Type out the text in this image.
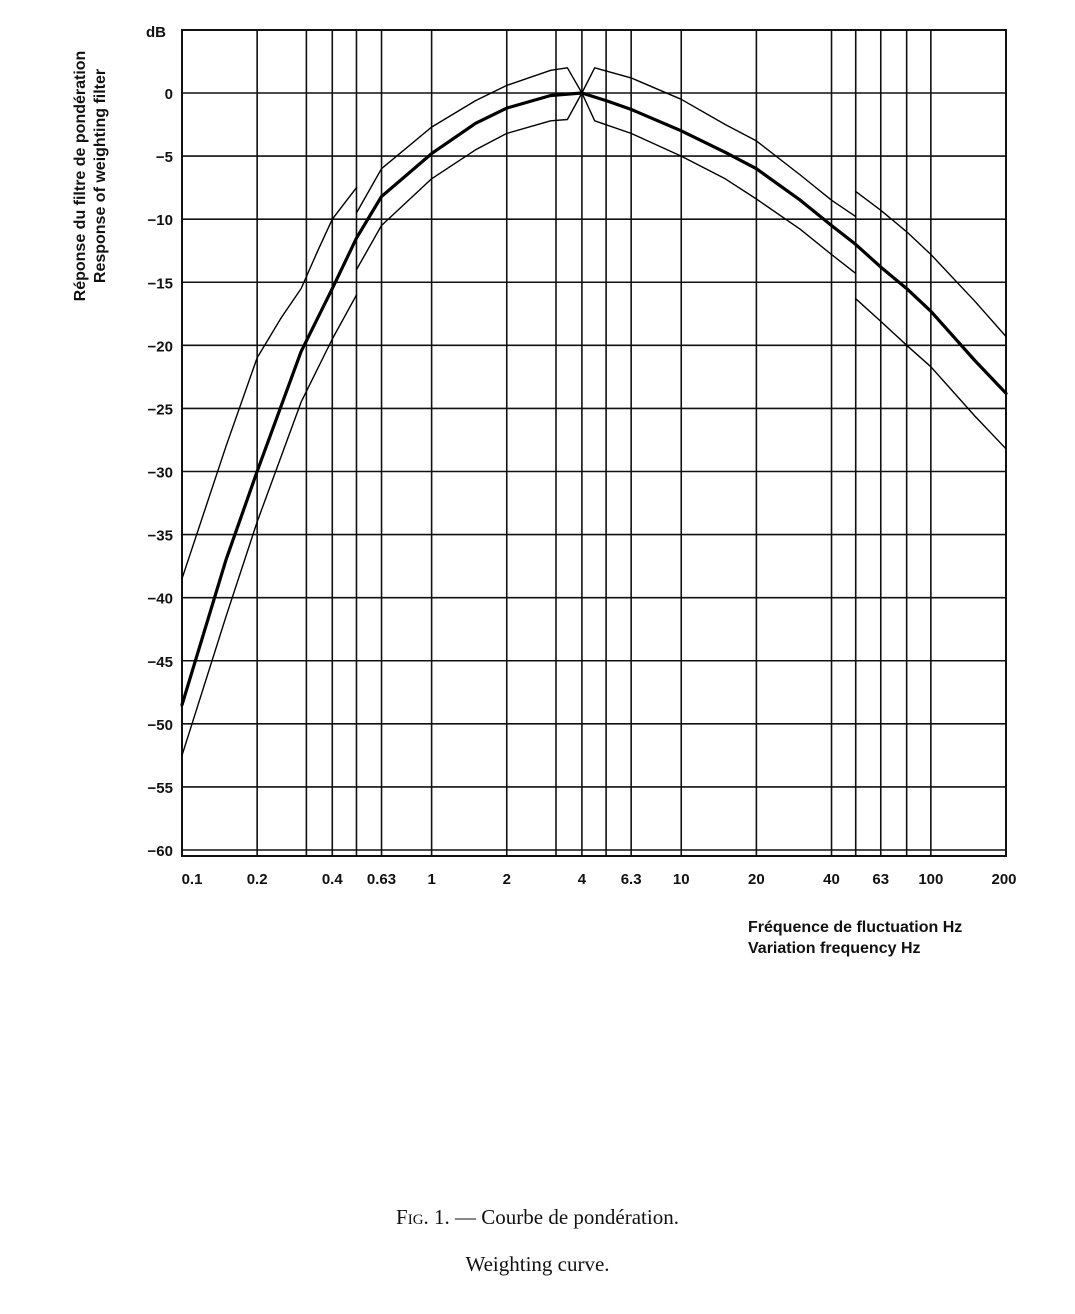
0.1	0.2	0.4 0.63 1	2	4 6.3 10	20	40 63 100	200
0
−5
−10
−15
−20
−25
−30
−35
−40
−45
−50
−55
−60
dB
Réponse du filtre de pondération Response of weighting filter
Fréquence de fluctuation Hz
Variation frequency Hz
Fig. 1. — Courbe de pondération.
Weighting curve.
